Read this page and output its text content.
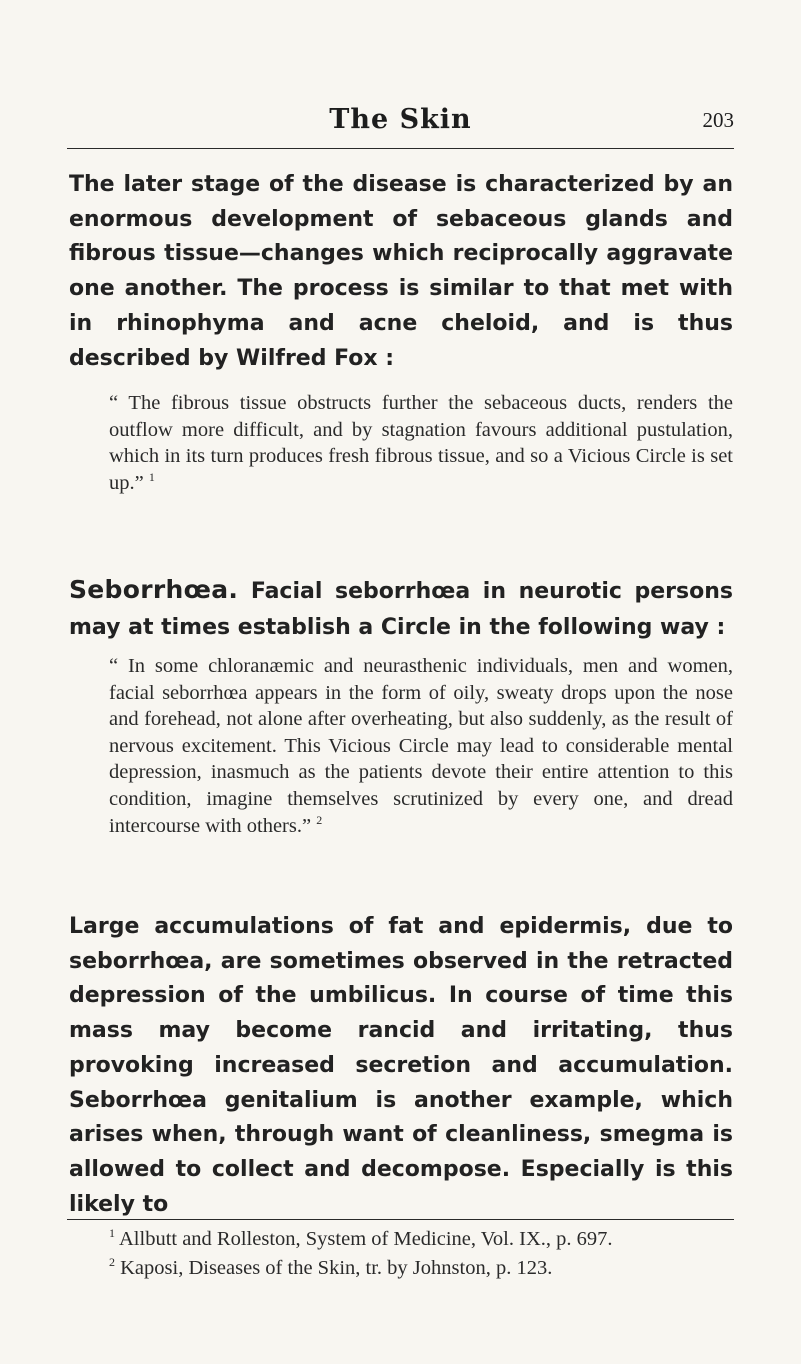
The Skin	203

The later stage of the disease is characterized by an enormous development of sebaceous glands and fibrous tissue—changes which reciprocally aggravate one another. The process is similar to that met with in rhinophyma and acne cheloid, and is thus described by Wilfred Fox :

“ The fibrous tissue obstructs further the sebaceous ducts, renders the outflow more difficult, and by stagnation favours additional pustulation, which in its turn produces fresh fibrous tissue, and so a Vicious Circle is set up.” $^1$

Seborrhœa. Facial seborrhœa in neurotic persons may at times establish a Circle in the following way :

“ In some chloranæmic and neurasthenic individuals, men and women, facial seborrhœa appears in the form of oily, sweaty drops upon the nose and forehead, not alone after overheating, but also suddenly, as the result of nervous excitement. This Vicious Circle may lead to considerable mental depression, inasmuch as the patients devote their entire attention to this condition, imagine themselves scrutinized by every one, and dread intercourse with others.” $^2$

Large accumulations of fat and epidermis, due to seborrhœa, are sometimes observed in the retracted depression of the umbilicus. In course of time this mass may become rancid and irritating, thus provoking increased secretion and accumulation. Seborrhœa genitalium is another example, which arises when, through want of cleanliness, smegma is allowed to collect and decompose. Especially is this likely to

$^1$ Allbutt and Rolleston, System of Medicine, Vol. IX., p. 697.

$^2$ Kaposi, Diseases of the Skin, tr. by Johnston, p. 123.
